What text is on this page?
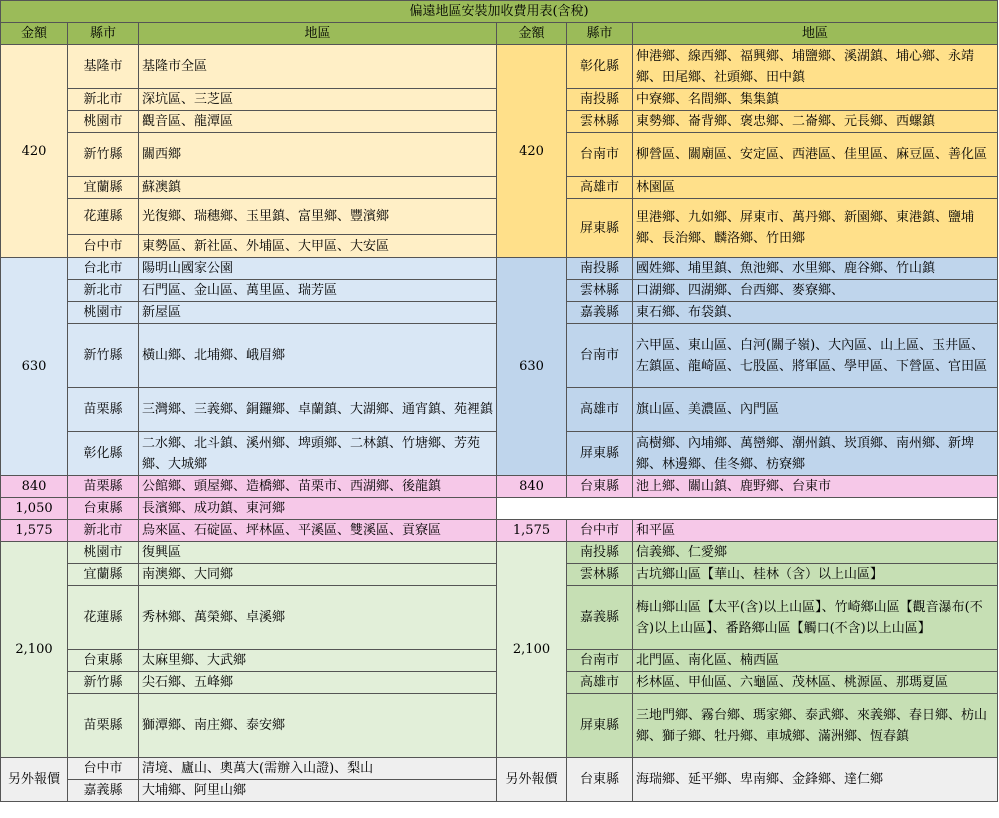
偏遠地區安裝加收費用表(含稅)					
金額	縣市	地區	金額	縣市	地區
420	基隆市	基隆市全區	420	彰化縣	伸港鄉、線西鄉、福興鄉、埔鹽鄉、溪湖鎮、埔心鄉、永靖鄉、田尾鄉、社頭鄉、田中鎮
	新北市	深坑區、三芝區		南投縣	中寮鄉、名間鄉、集集鎮
	桃園市	觀音區、龍潭區		雲林縣	東勢鄉、崙背鄉、褒忠鄉、二崙鄉、元長鄉、西螺鎮
	新竹縣	關西鄉		台南市	柳營區、關廟區、安定區、西港區、佳里區、麻豆區、善化區
	宜蘭縣	蘇澳鎮		高雄市	林園區
	花蓮縣	光復鄉、瑞穗鄉、玉里鎮、富里鄉、豐濱鄉		屏東縣	里港鄉、九如鄉、屏東市、萬丹鄉、新園鄉、東港鎮、鹽埔鄉、長治鄉、麟洛鄉、竹田鄉
	台中市	東勢區、新社區、外埔區、大甲區、大安區			

630	台北市	陽明山國家公園	630	南投縣	國姓鄉、埔里鎮、魚池鄉、水里鄉、鹿谷鄉、竹山鎮
	新北市	石門區、金山區、萬里區、瑞芳區		雲林縣	口湖鄉、四湖鄉、台西鄉、麥寮鄉、
	桃園市	新屋區		嘉義縣	東石鄉、布袋鎮、
	新竹縣	橫山鄉、北埔鄉、峨眉鄉		台南市	六甲區、東山區、白河(關子嶺)、大內區、山上區、玉井區、左鎮區、龍崎區、七股區、將軍區、學甲區、下營區、官田區
	苗栗縣	三灣鄉、三義鄉、銅鑼鄉、卓蘭鎮、大湖鄉、通宵鎮、苑裡鎮		高雄市	旗山區、美濃區、內門區
	彰化縣	二水鄉、北斗鎮、溪州鄉、埤頭鄉、二林鎮、竹塘鄉、芳苑鄉、大城鄉		屏東縣	高樹鄉、內埔鄉、萬巒鄉、潮州鎮、崁頂鄉、南州鄉、新埤鄉、林邊鄉、佳冬鄉、枋寮鄉
840	苗栗縣	公館鄉、頭屋鄉、造橋鄉、苗栗市、西湖鄉、後龍鎮	840	台東縣	池上鄉、關山鎮、鹿野鄉、台東市
1,050	台東縣	長濱鄉、成功鎮、東河鄉			
1,575	新北市	烏來區、石碇區、坪林區、平溪區、雙溪區、貢寮區	1,575	台中市	和平區
2,100	桃園市	復興區	2,100	南投縣	信義鄉、仁愛鄉
	宜蘭縣	南澳鄉、大同鄉		雲林縣	古坑鄉山區【華山、桂林（含）以上山區】
	花蓮縣	秀林鄉、萬榮鄉、卓溪鄉		嘉義縣	梅山鄉山區【太平(含)以上山區】、竹崎鄉山區【觀音瀑布(不含)以上山區】、番路鄉山區【觸口(不含)以上山區】
	台東縣	太麻里鄉、大武鄉		台南市	北門區、南化區、楠西區
	新竹縣	尖石鄉、五峰鄉		高雄市	杉林區、甲仙區、六龜區、茂林區、桃源區、那瑪夏區
	苗栗縣	獅潭鄉、南庄鄉、泰安鄉		屏東縣	三地門鄉、霧台鄉、瑪家鄉、泰武鄉、來義鄉、春日鄉、枋山鄉、獅子鄉、牡丹鄉、車城鄉、滿洲鄉、恆春鎮
另外報價	台中市	清境、廬山、奧萬大(需辦入山證)、梨山	另外報價	台東縣	海瑞鄉、延平鄉、卑南鄉、金鋒鄉、達仁鄉
	嘉義縣	大埔鄉、阿里山鄉			
